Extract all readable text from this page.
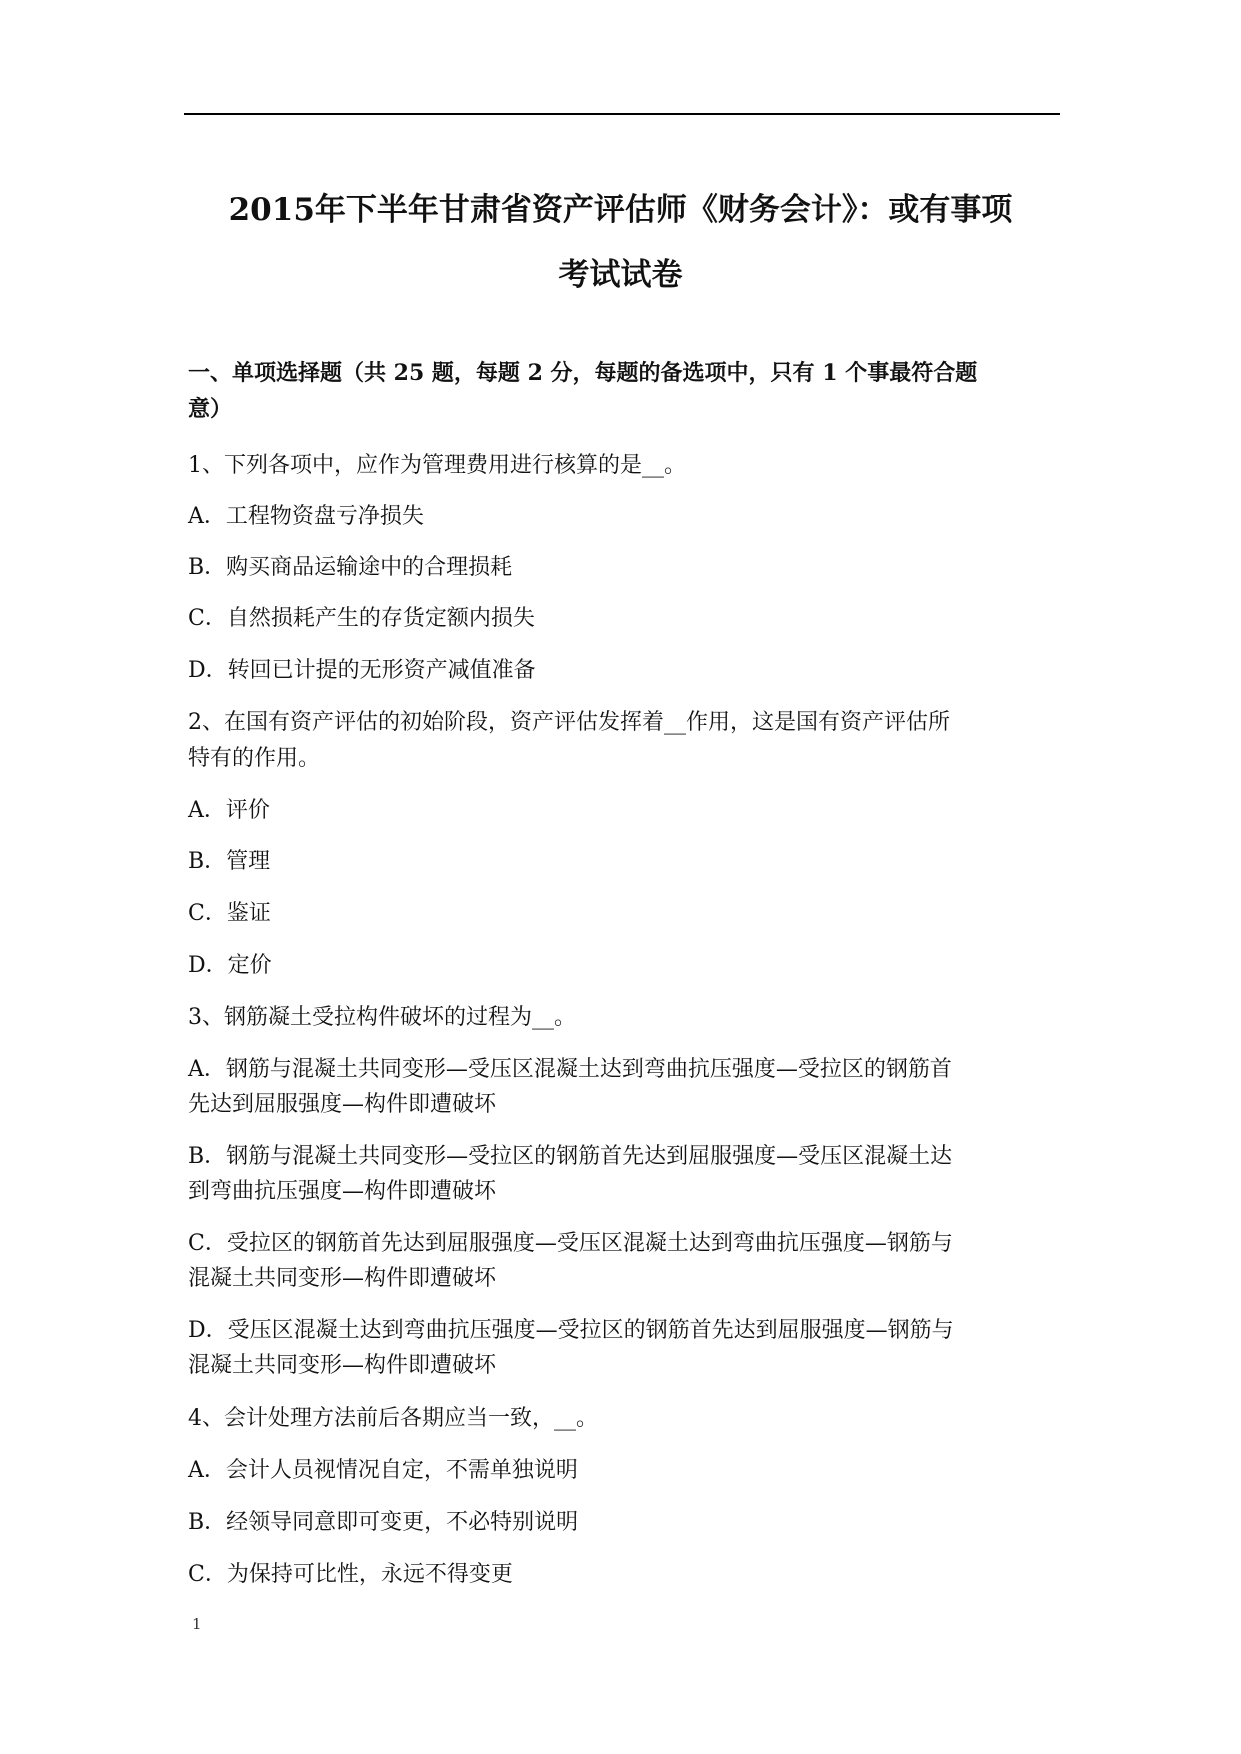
2015年下半年甘肃省资产评估师《财务会计》：或有事项
考试试卷
一、单项选择题（共 25 题，每题 2 分，每题的备选项中，只有 1 个事最符合题
意）
1、下列各项中，应作为管理费用进行核算的是__。
A．工程物资盘亏净损失
B．购买商品运输途中的合理损耗
C．自然损耗产生的存货定额内损失
D．转回已计提的无形资产减值准备
2、在国有资产评估的初始阶段，资产评估发挥着__作用，这是国有资产评估所
特有的作用。
A．评价
B．管理
C．鉴证
D．定价
3、钢筋凝土受拉构件破坏的过程为__。
A．钢筋与混凝土共同变形—受压区混凝土达到弯曲抗压强度—受拉区的钢筋首
先达到屈服强度—构件即遭破坏
B．钢筋与混凝土共同变形—受拉区的钢筋首先达到屈服强度—受压区混凝土达
到弯曲抗压强度—构件即遭破坏
C．受拉区的钢筋首先达到屈服强度—受压区混凝土达到弯曲抗压强度—钢筋与
混凝土共同变形—构件即遭破坏
D．受压区混凝土达到弯曲抗压强度—受拉区的钢筋首先达到屈服强度—钢筋与
混凝土共同变形—构件即遭破坏
4、会计处理方法前后各期应当一致，__。
A．会计人员视情况自定，不需单独说明
B．经领导同意即可变更，不必特别说明
C．为保持可比性，永远不得变更
1
